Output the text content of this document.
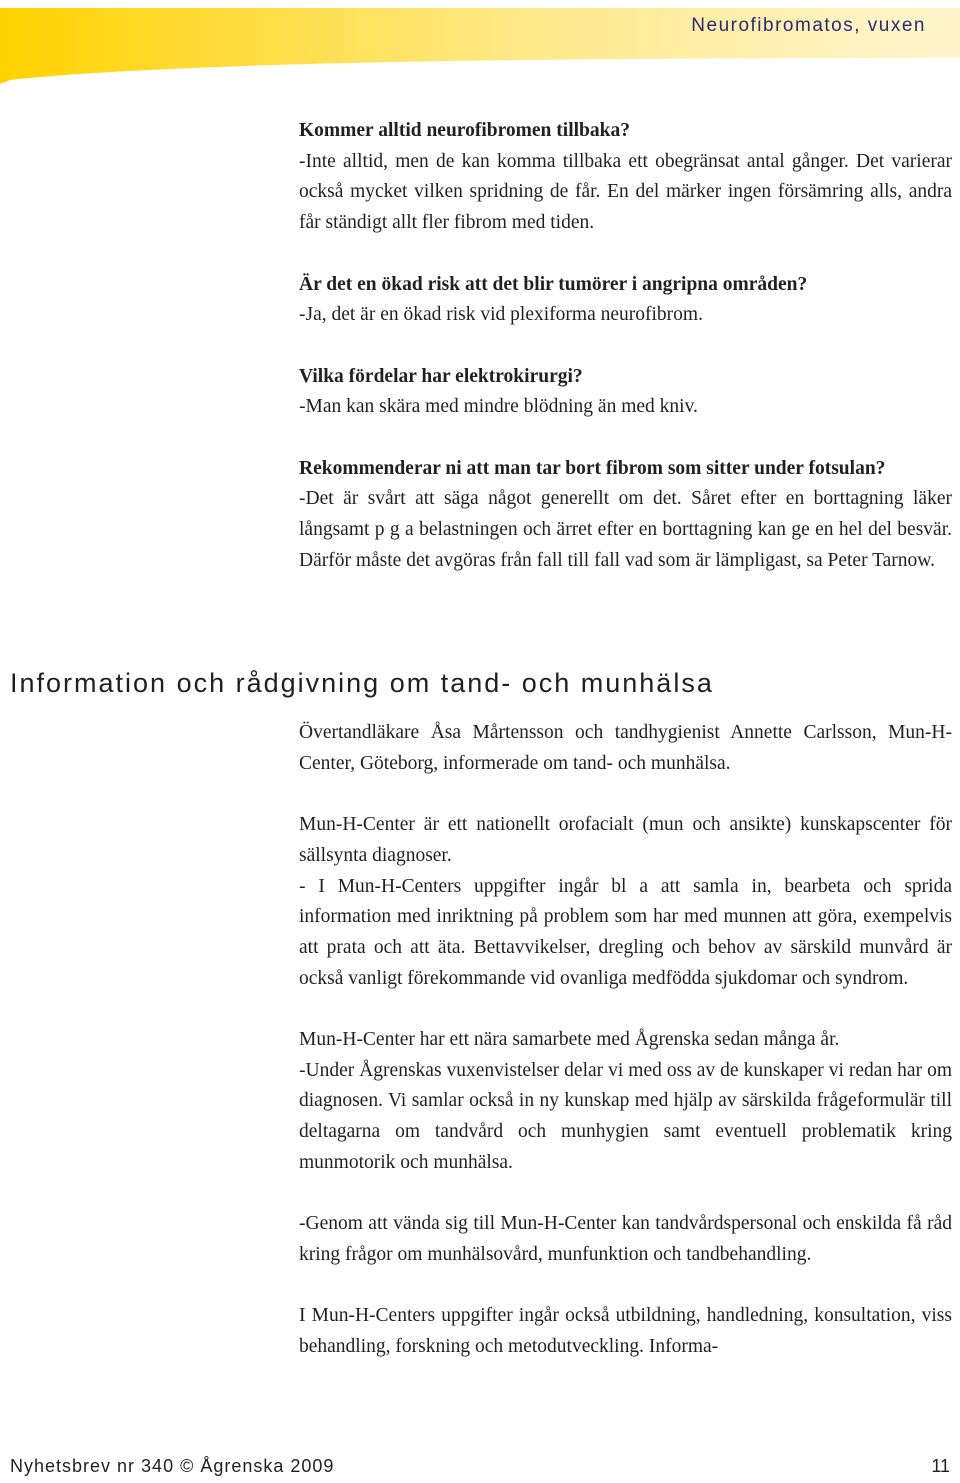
Neurofibromatos, vuxen

Kommer alltid neurofibromen tillbaka?

-Inte alltid, men de kan komma tillbaka ett obegränsat antal gånger. Det varierar också mycket vilken spridning de får. En del märker ingen försämring alls, andra får ständigt allt fler fibrom med tiden.

Är det en ökad risk att det blir tumörer i angripna områden?

-Ja, det är en ökad risk vid plexiforma neurofibrom.

Vilka fördelar har elektrokirurgi?

-Man kan skära med mindre blödning än med kniv.

Rekommenderar ni att man tar bort fibrom som sitter under fotsulan?

-Det är svårt att säga något generellt om det. Såret efter en borttagning läker långsamt p g a belastningen och ärret efter en borttagning kan ge en hel del besvär. Därför måste det avgöras från fall till fall vad som är lämpligast, sa Peter Tarnow.

Information och rådgivning om tand- och munhälsa

Övertandläkare Åsa Mårtensson och tandhygienist Annette Carlsson, Mun-H-Center, Göteborg, informerade om tand- och munhälsa.

Mun-H-Center är ett nationellt orofacialt (mun och ansikte) kunskapscenter för sällsynta diagnoser.

- I Mun-H-Centers uppgifter ingår bl a att samla in, bearbeta och sprida information med inriktning på problem som har med munnen att göra, exempelvis att prata och att äta. Bettavvikelser, dregling och behov av särskild munvård är också vanligt förekommande vid ovanliga medfödda sjukdomar och syndrom.

Mun-H-Center har ett nära samarbete med Ågrenska sedan många år.

-Under Ågrenskas vuxenvistelser delar vi med oss av de kunskaper vi redan har om diagnosen. Vi samlar också in ny kunskap med hjälp av särskilda frågeformulär till deltagarna om tandvård och munhygien samt eventuell problematik kring munmotorik och munhälsa.

-Genom att vända sig till Mun-H-Center kan tandvårdspersonal och enskilda få råd kring frågor om munhälsovård, munfunktion och tandbehandling.

I Mun-H-Centers uppgifter ingår också utbildning, handledning, konsultation, viss behandling, forskning och metodutveckling. Informa-

Nyhetsbrev nr 340 © Ågrenska 2009	11
